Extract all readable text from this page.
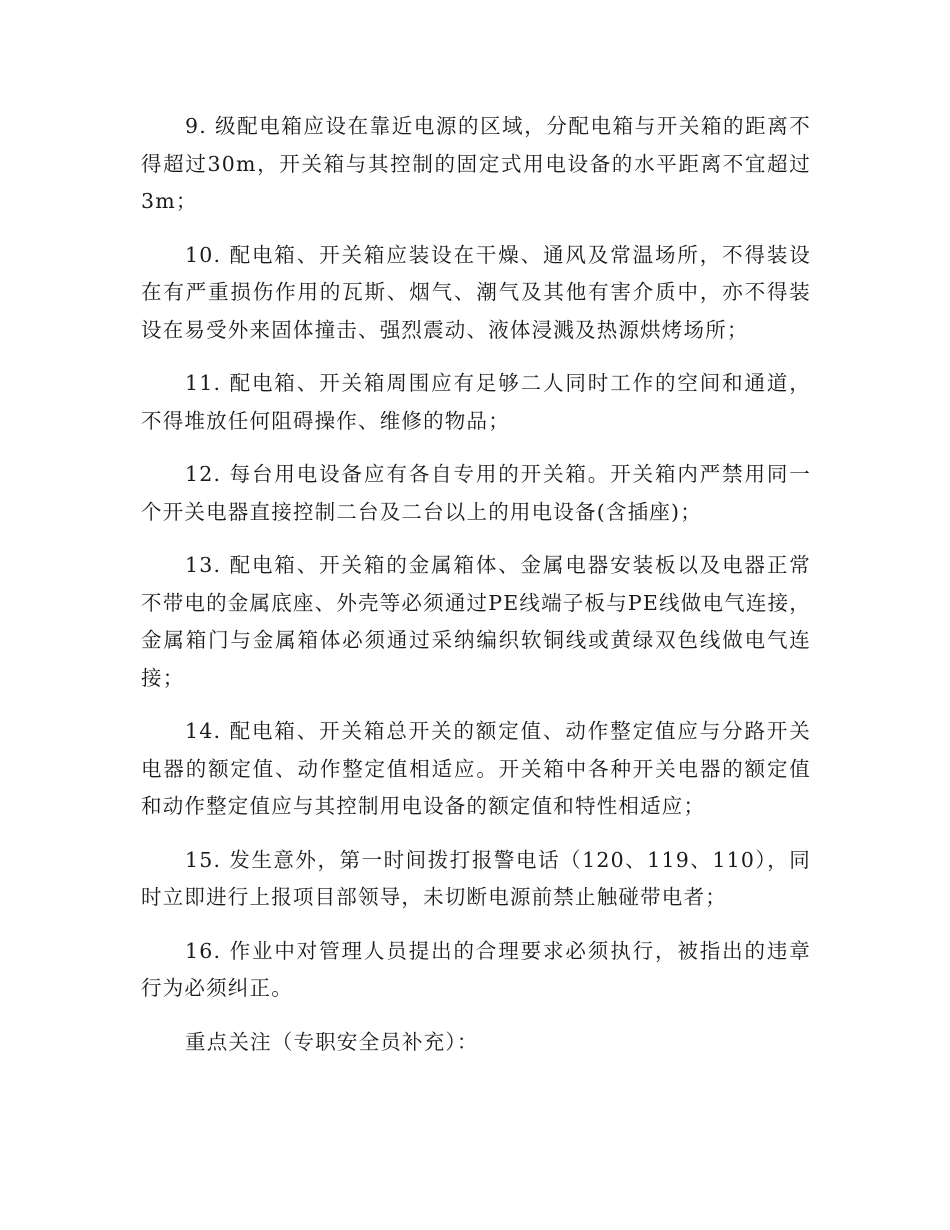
9. 级配电箱应设在靠近电源的区域，分配电箱与开关箱的距离不得超过30m，开关箱与其控制的固定式用电设备的水平距离不宜超过3m；

10. 配电箱、开关箱应装设在干燥、通风及常温场所，不得装设在有严重损伤作用的瓦斯、烟气、潮气及其他有害介质中，亦不得装设在易受外来固体撞击、强烈震动、液体浸溅及热源烘烤场所；

11. 配电箱、开关箱周围应有足够二人同时工作的空间和通道，不得堆放任何阻碍操作、维修的物品；

12. 每台用电设备应有各自专用的开关箱。开关箱内严禁用同一个开关电器直接控制二台及二台以上的用电设备(含插座)；

13. 配电箱、开关箱的金属箱体、金属电器安装板以及电器正常不带电的金属底座、外壳等必须通过PE线端子板与PE线做电气连接，金属箱门与金属箱体必须通过采纳编织软铜线或黄绿双色线做电气连接；

14. 配电箱、开关箱总开关的额定值、动作整定值应与分路开关电器的额定值、动作整定值相适应。开关箱中各种开关电器的额定值和动作整定值应与其控制用电设备的额定值和特性相适应；

15. 发生意外，第一时间拨打报警电话（120、119、110），同时立即进行上报项目部领导，未切断电源前禁止触碰带电者；

16. 作业中对管理人员提出的合理要求必须执行，被指出的违章行为必须纠正。

重点关注（专职安全员补充）：
